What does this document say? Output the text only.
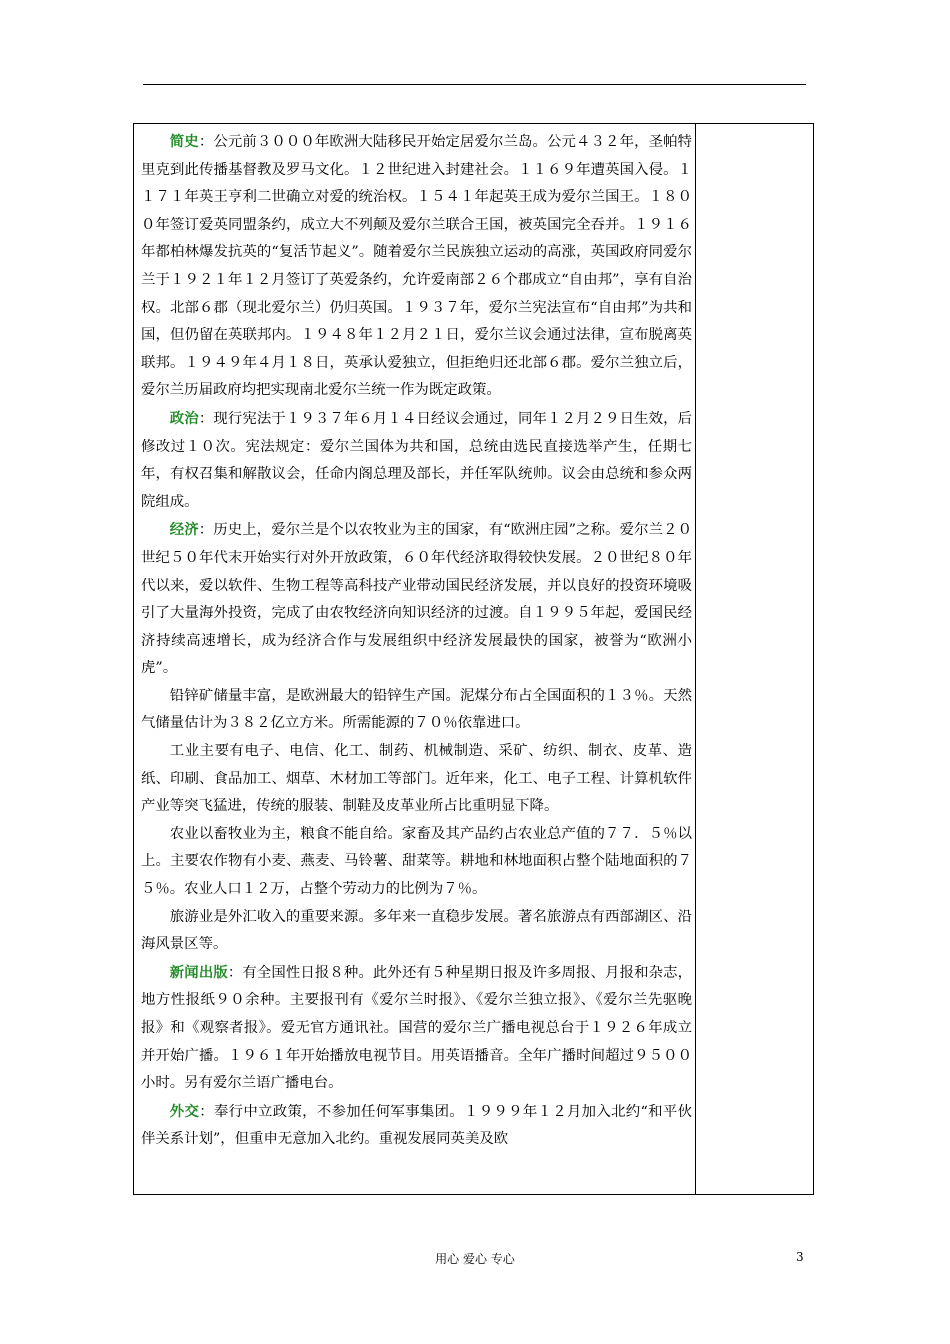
简史：公元前３０００年欧洲大陆移民开始定居爱尔兰岛。公元４３２年，圣帕特里克到此传播基督教及罗马文化。１２世纪进入封建社会。１１６９年遭英国入侵。１１７１年英王亨利二世确立对爱的统治权。１５４１年起英王成为爱尔兰国王。１８００年签订爱英同盟条约，成立大不列颠及爱尔兰联合王国，被英国完全吞并。１９１６年都柏林爆发抗英的“复活节起义”。随着爱尔兰民族独立运动的高涨，英国政府同爱尔兰于１９２１年１２月签订了英爱条约，允许爱南部２６个郡成立“自由邦”，享有自治权。北部６郡（现北爱尔兰）仍归英国。１９３７年，爱尔兰宪法宣布“自由邦”为共和国，但仍留在英联邦内。１９４８年１２月２１日，爱尔兰议会通过法律，宣布脱离英联邦。１９４９年４月１８日，英承认爱独立，但拒绝归还北部６郡。爱尔兰独立后，爱尔兰历届政府均把实现南北爱尔兰统一作为既定政策。

政治：现行宪法于１９３７年６月１４日经议会通过，同年１２月２９日生效，后修改过１０次。宪法规定：爱尔兰国体为共和国，总统由选民直接选举产生，任期七年，有权召集和解散议会，任命内阁总理及部长，并任军队统帅。议会由总统和参众两院组成。

经济：历史上，爱尔兰是个以农牧业为主的国家，有“欧洲庄园”之称。爱尔兰２０世纪５０年代末开始实行对外开放政策，６０年代经济取得较快发展。２０世纪８０年代以来，爱以软件、生物工程等高科技产业带动国民经济发展，并以良好的投资环境吸引了大量海外投资，完成了由农牧经济向知识经济的过渡。自１９９５年起，爱国民经济持续高速增长，成为经济合作与发展组织中经济发展最快的国家，被誉为“欧洲小虎”。

铅锌矿储量丰富，是欧洲最大的铅锌生产国。泥煤分布占全国面积的１３％。天然气储量估计为３８２亿立方米。所需能源的７０％依靠进口。

工业主要有电子、电信、化工、制药、机械制造、采矿、纺织、制衣、皮革、造纸、印刷、食品加工、烟草、木材加工等部门。近年来，化工、电子工程、计算机软件产业等突飞猛进，传统的服装、制鞋及皮革业所占比重明显下降。

农业以畜牧业为主，粮食不能自给。家畜及其产品约占农业总产值的７７．５％以上。主要农作物有小麦、燕麦、马铃薯、甜菜等。耕地和林地面积占整个陆地面积的７５％。农业人口１２万，占整个劳动力的比例为７％。

旅游业是外汇收入的重要来源。多年来一直稳步发展。著名旅游点有西部湖区、沿海风景区等。

新闻出版：有全国性日报８种。此外还有５种星期日报及许多周报、月报和杂志，地方性报纸９０余种。主要报刊有《爱尔兰时报》、《爱尔兰独立报》、《爱尔兰先驱晚报》和《观察者报》。爱无官方通讯社。国营的爱尔兰广播电视总台于１９２６年成立并开始广播。１９６１年开始播放电视节目。用英语播音。全年广播时间超过９５００小时。另有爱尔兰语广播电台。

外交：奉行中立政策，不参加任何军事集团。１９９９年１２月加入北约“和平伙伴关系计划”，但重申无意加入北约。重视发展同英美及欧

用心 爱心 专心	3
